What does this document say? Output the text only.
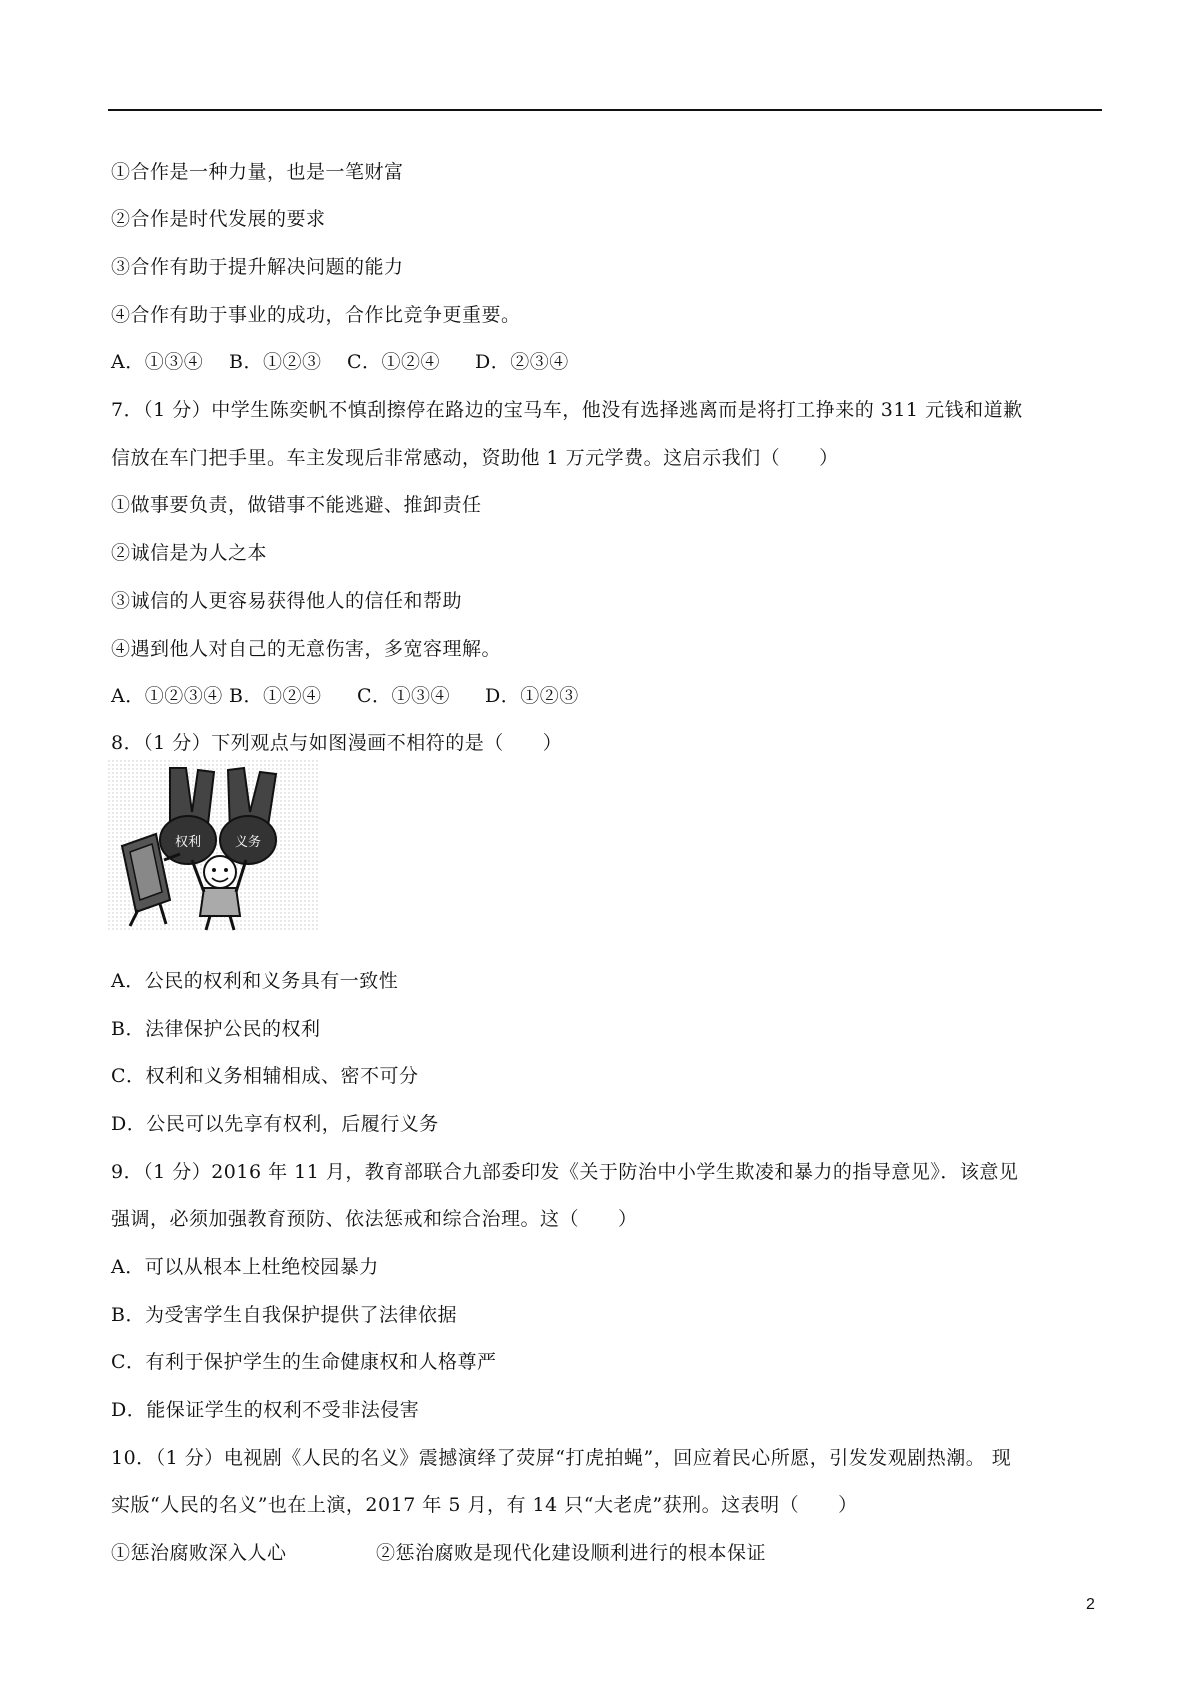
①合作是一种力量，也是一笔财富
②合作是时代发展的要求
③合作有助于提升解决问题的能力
④合作有助于事业的成功，合作比竞争更重要。
A．①③④ B．①②③ C．①②④ D．②③④
7．（1 分）中学生陈奕帆不慎刮擦停在路边的宝马车，他没有选择逃离而是将打工挣来的 311 元钱和道歉
信放在车门把手里。车主发现后非常感动，资助他 1 万元学费。这启示我们（　　）
①做事要负责，做错事不能逃避、推卸责任
②诚信是为人之本
③诚信的人更容易获得他人的信任和帮助
④遇到他人对自己的无意伤害，多宽容理解。
A．①②③④ B．①②④ C．①③④ D．①②③
8．（1 分）下列观点与如图漫画不相符的是（　　）
权利	义务
A．公民的权利和义务具有一致性
B．法律保护公民的权利
C．权利和义务相辅相成、密不可分
D．公民可以先享有权利，后履行义务
9．（1 分）2016 年 11 月，教育部联合九部委印发《关于防治中小学生欺凌和暴力的指导意见》．该意见
强调，必须加强教育预防、依法惩戒和综合治理。这（　　）
A．可以从根本上杜绝校园暴力
B．为受害学生自我保护提供了法律依据
C．有利于保护学生的生命健康权和人格尊严
D．能保证学生的权利不受非法侵害
10．（1 分）电视剧《人民的名义》震撼演绎了荧屏“打虎拍蝇”，回应着民心所愿，引发发观剧热潮。 现
实版“人民的名义”也在上演，2017 年 5 月，有 14 只“大老虎”获刑。这表明（　　）
①惩治腐败深入人心	②惩治腐败是现代化建设顺利进行的根本保证
2
